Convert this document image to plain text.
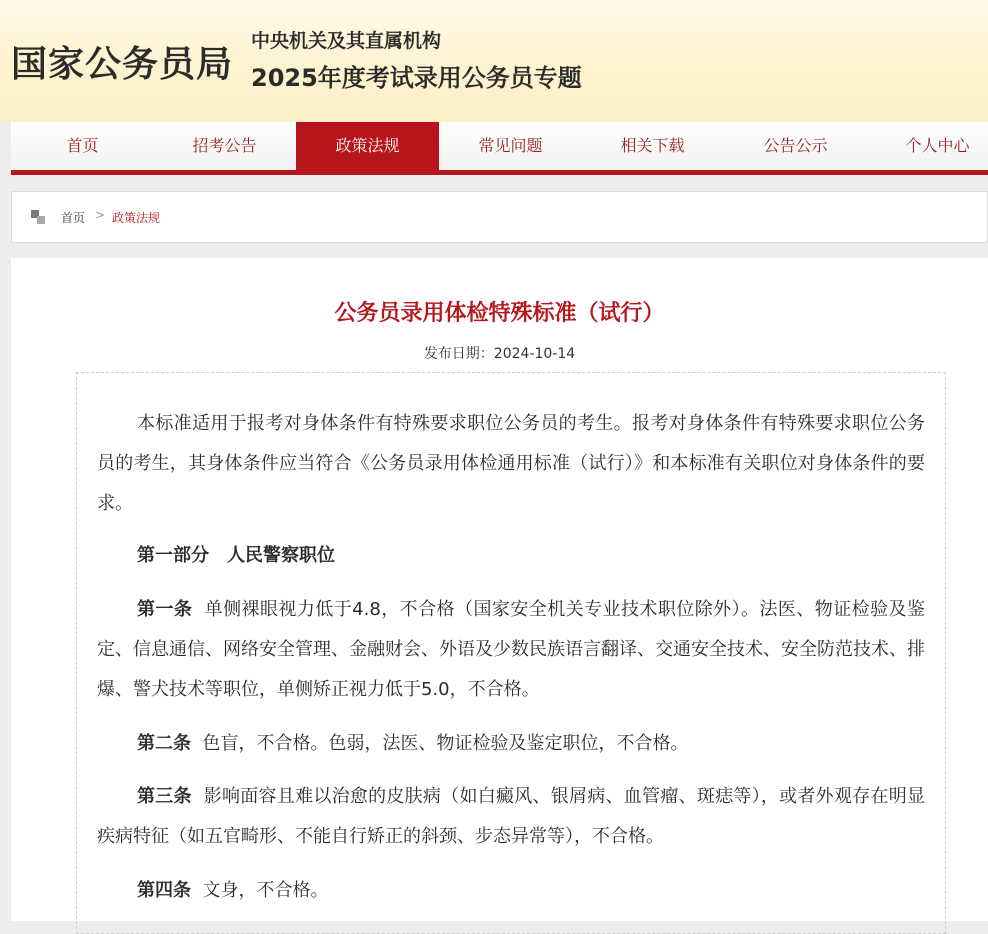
国家公务员局
中央机关及其直属机构
2025年度考试录用公务员专题
首页	招考公告	政策法规	常见问题	相关下载	公告公示	个人中心
首页 > 政策法规
公务员录用体检特殊标准（试行）
发布日期：2024-10-14
本标准适用于报考对身体条件有特殊要求职位公务员的考生。报考对身体条件有特殊要求职位公务员的考生，其身体条件应当符合《公务员录用体检通用标准（试行）》和本标准有关职位对身体条件的要求。
第一部分　人民警察职位
第一条 单侧裸眼视力低于4.8，不合格（国家安全机关专业技术职位除外）。法医、物证检验及鉴定、信息通信、网络安全管理、金融财会、外语及少数民族语言翻译、交通安全技术、安全防范技术、排爆、警犬技术等职位，单侧矫正视力低于5.0，不合格。
第二条 色盲，不合格。色弱，法医、物证检验及鉴定职位，不合格。
第三条 影响面容且难以治愈的皮肤病（如白癜风、银屑病、血管瘤、斑痣等），或者外观存在明显疾病特征（如五官畸形、不能自行矫正的斜颈、步态异常等），不合格。
第四条 文身，不合格。
